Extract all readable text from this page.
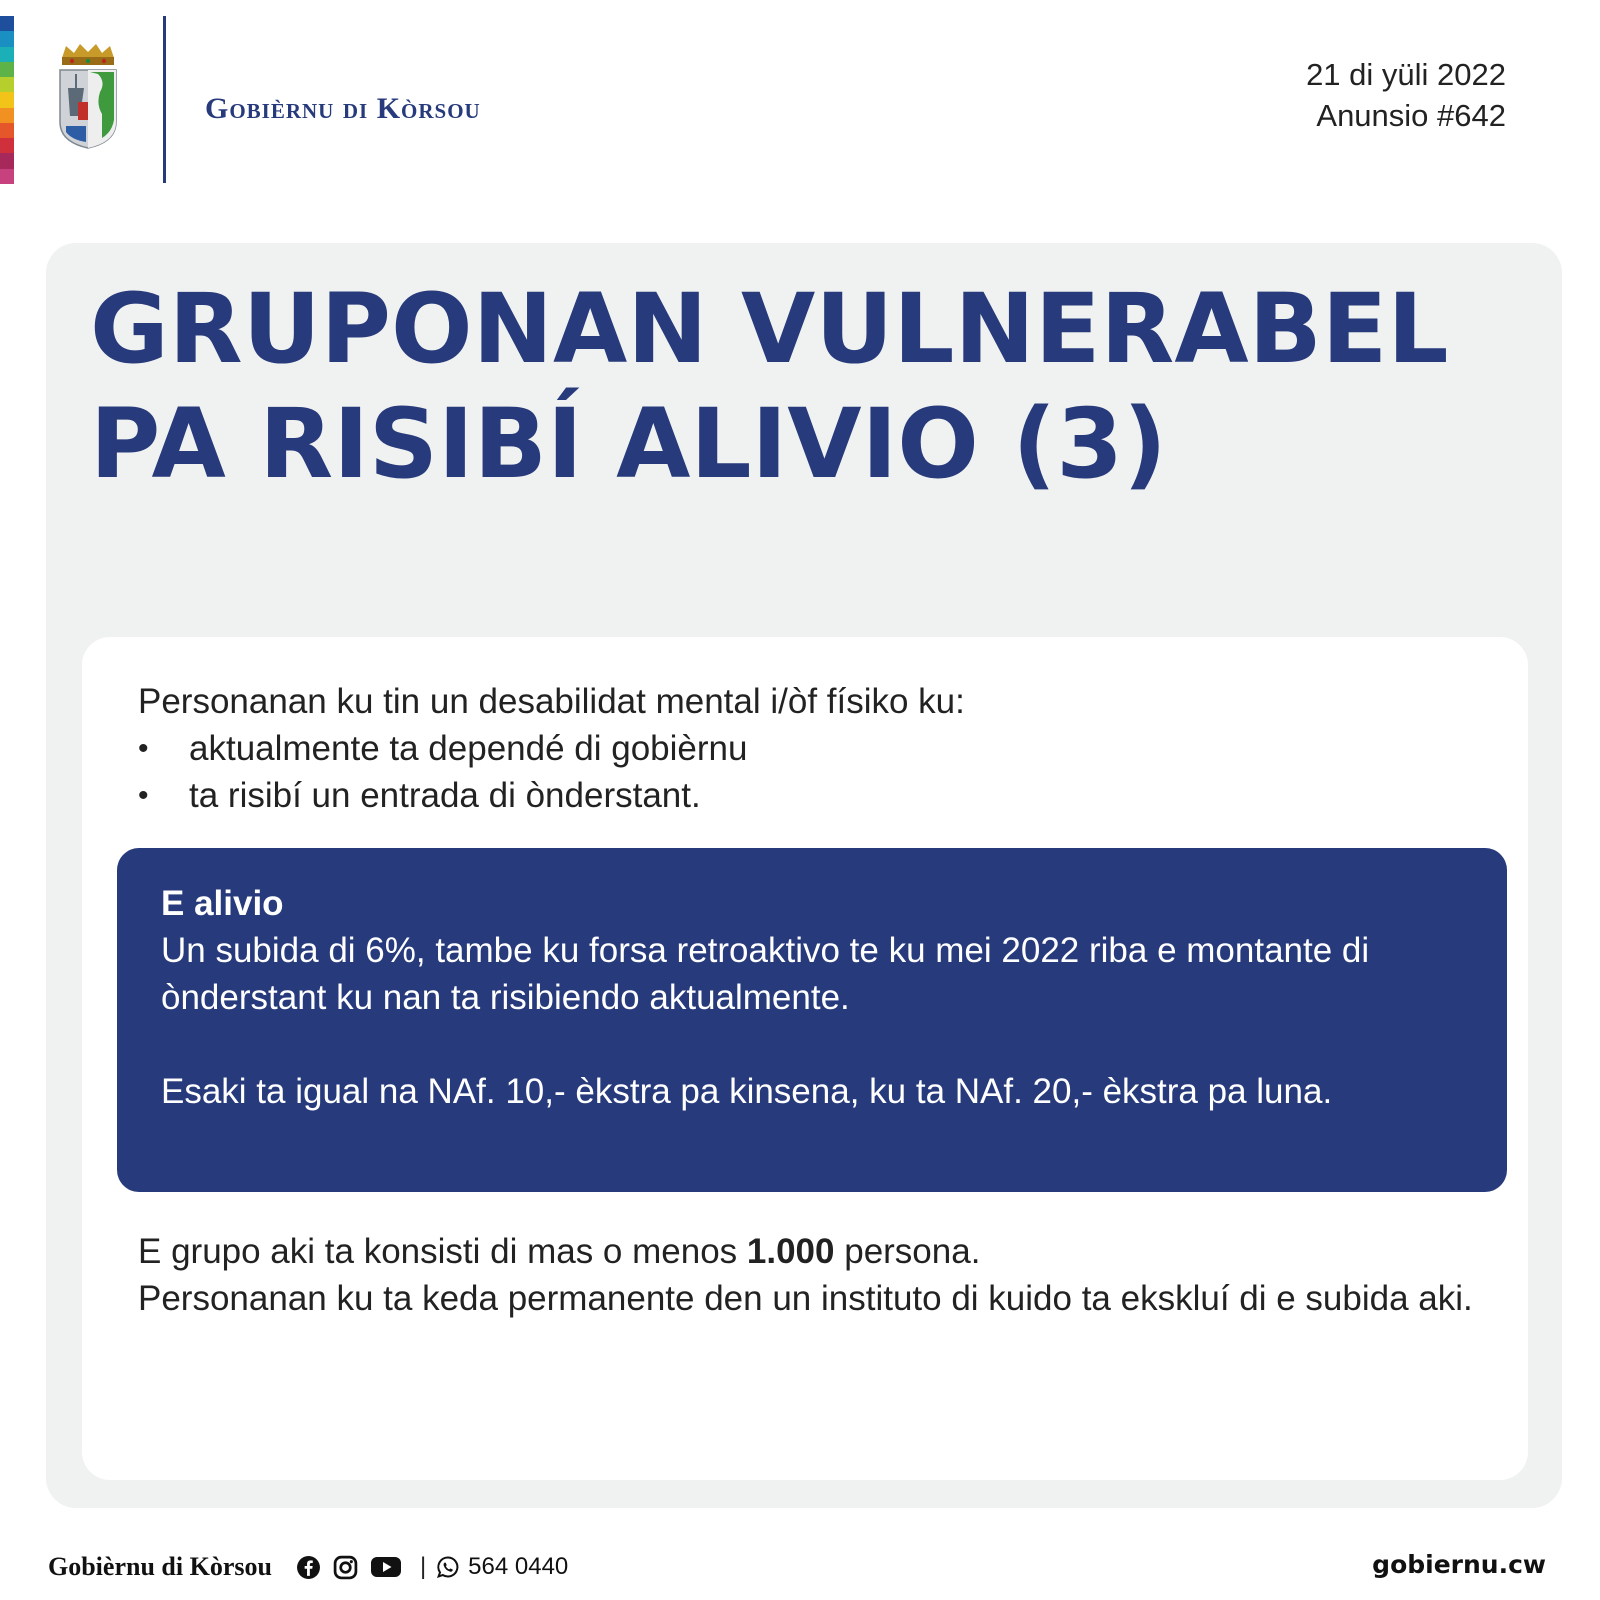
Gobièrnu di Kòrsou
21 di yüli 2022
Anunsio #642
GRUPONAN VULNERABEL
PA RISIBÍ ALIVIO (3)
Personanan ku tin un desabilidat mental i/òf físiko ku:
• aktualmente ta dependé di gobièrnu
• ta risibí un entrada di ònderstant.
E alivio
Un subida di 6%, tambe ku forsa retroaktivo te ku mei 2022 riba e montante di ònderstant ku nan ta risibiendo aktualmente.
Esaki ta igual na NAf. 10,- èkstra pa kinsena, ku ta NAf. 20,- èkstra pa luna.
E grupo aki ta konsisti di mas o menos 1.000 persona.
Personanan ku ta keda permanente den un instituto di kuido ta ekskluí di e subida aki.
Gobièrnu di Kòrsou	| 564 0440	gobiernu.cw
